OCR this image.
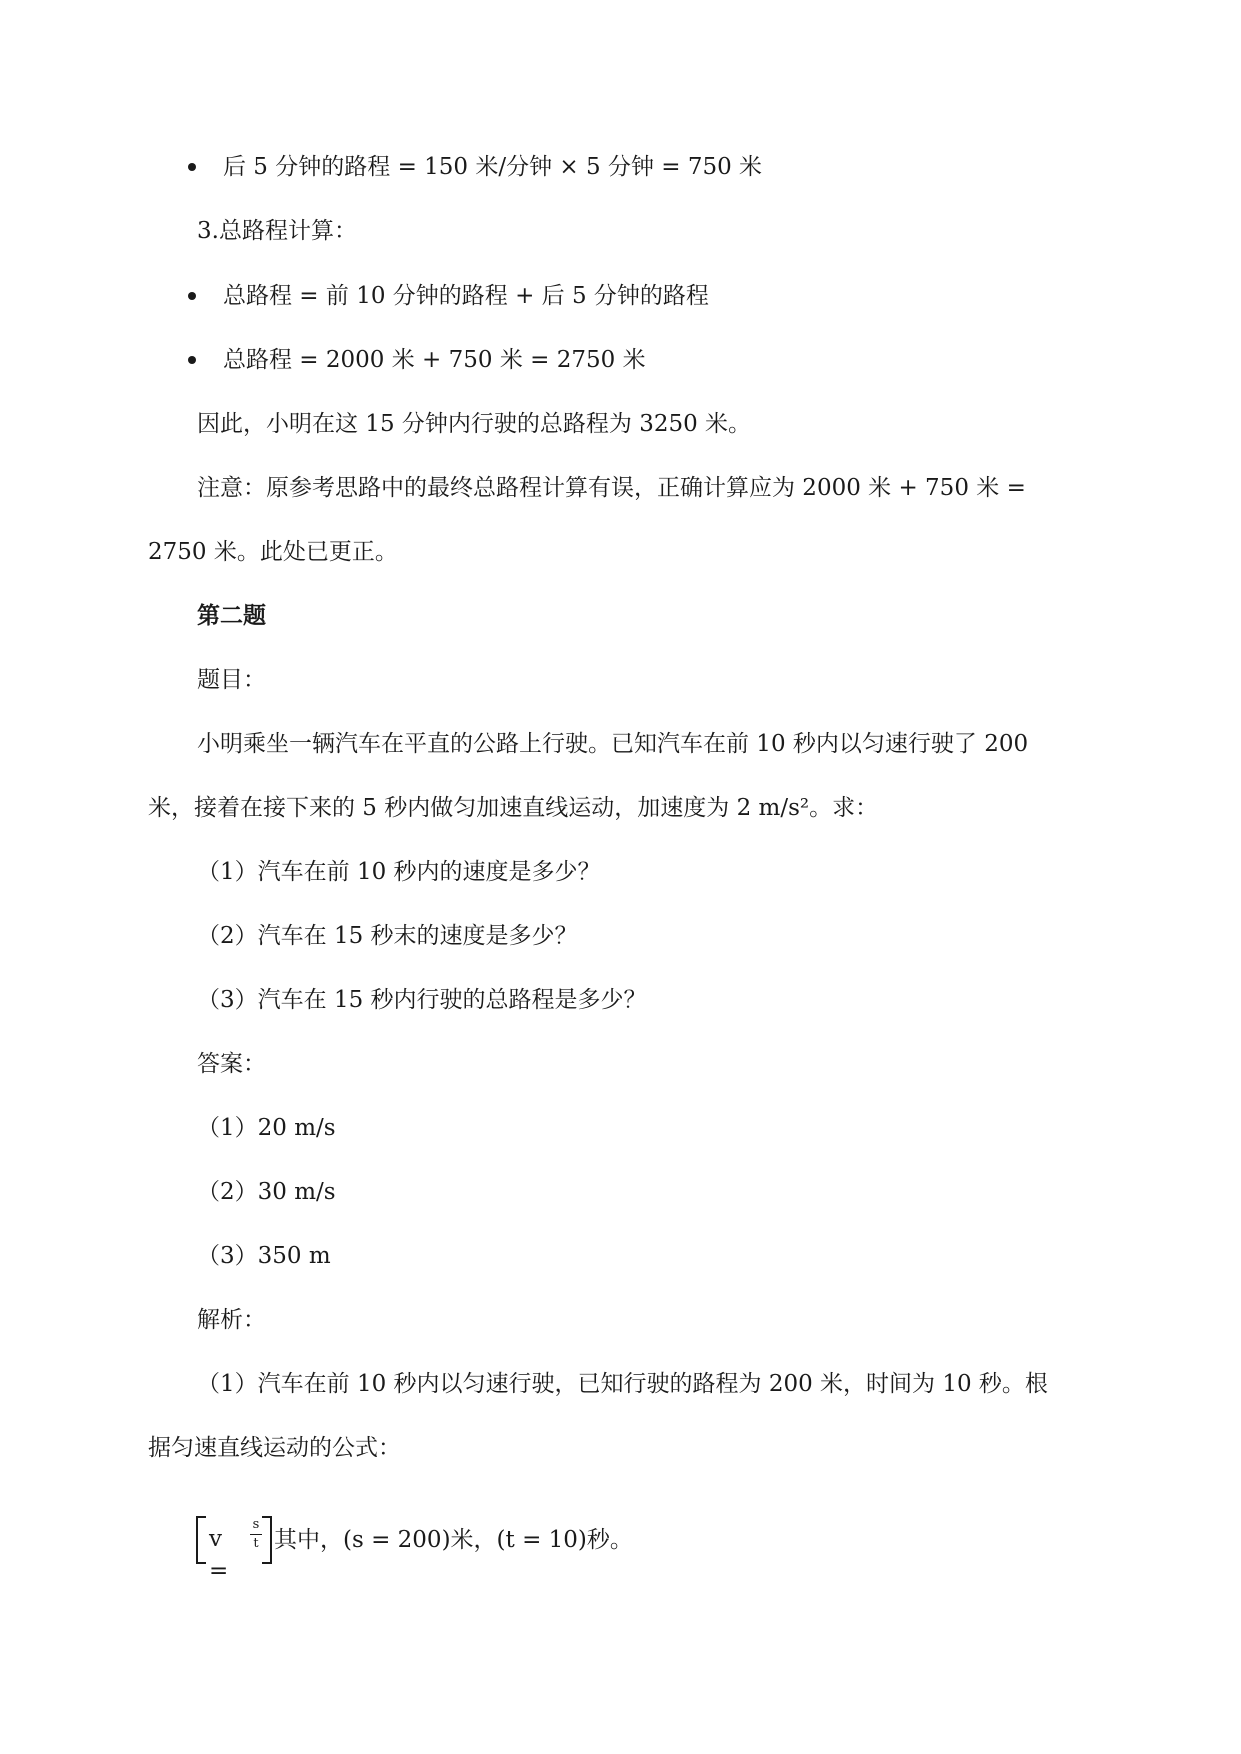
后 5 分钟的路程 = 150 米/分钟 × 5 分钟 = 750 米
3.总路程计算：
总路程 = 前 10 分钟的路程 + 后 5 分钟的路程
总路程 = 2000 米 + 750 米 = 2750 米
因此，小明在这 15 分钟内行驶的总路程为 3250 米。
注意：原参考思路中的最终总路程计算有误，正确计算应为 2000 米 + 750 米 =
2750 米。此处已更正。
第二题
题目：
小明乘坐一辆汽车在平直的公路上行驶。已知汽车在前 10 秒内以匀速行驶了 200
米，接着在接下来的 5 秒内做匀加速直线运动，加速度为 2 m/s²。求：
（1）汽车在前 10 秒内的速度是多少？
（2）汽车在 15 秒末的速度是多少？
（3）汽车在 15 秒内行驶的总路程是多少？
答案：
（1）20 m/s
（2）30 m/s
（3）350 m
解析：
（1）汽车在前 10 秒内以匀速行驶，已知行驶的路程为 200 米，时间为 10 秒。根
据匀速直线运动的公式：
v =
$\frac{s}{t}$ 其中，(s = 200)米，(t = 10)秒。
